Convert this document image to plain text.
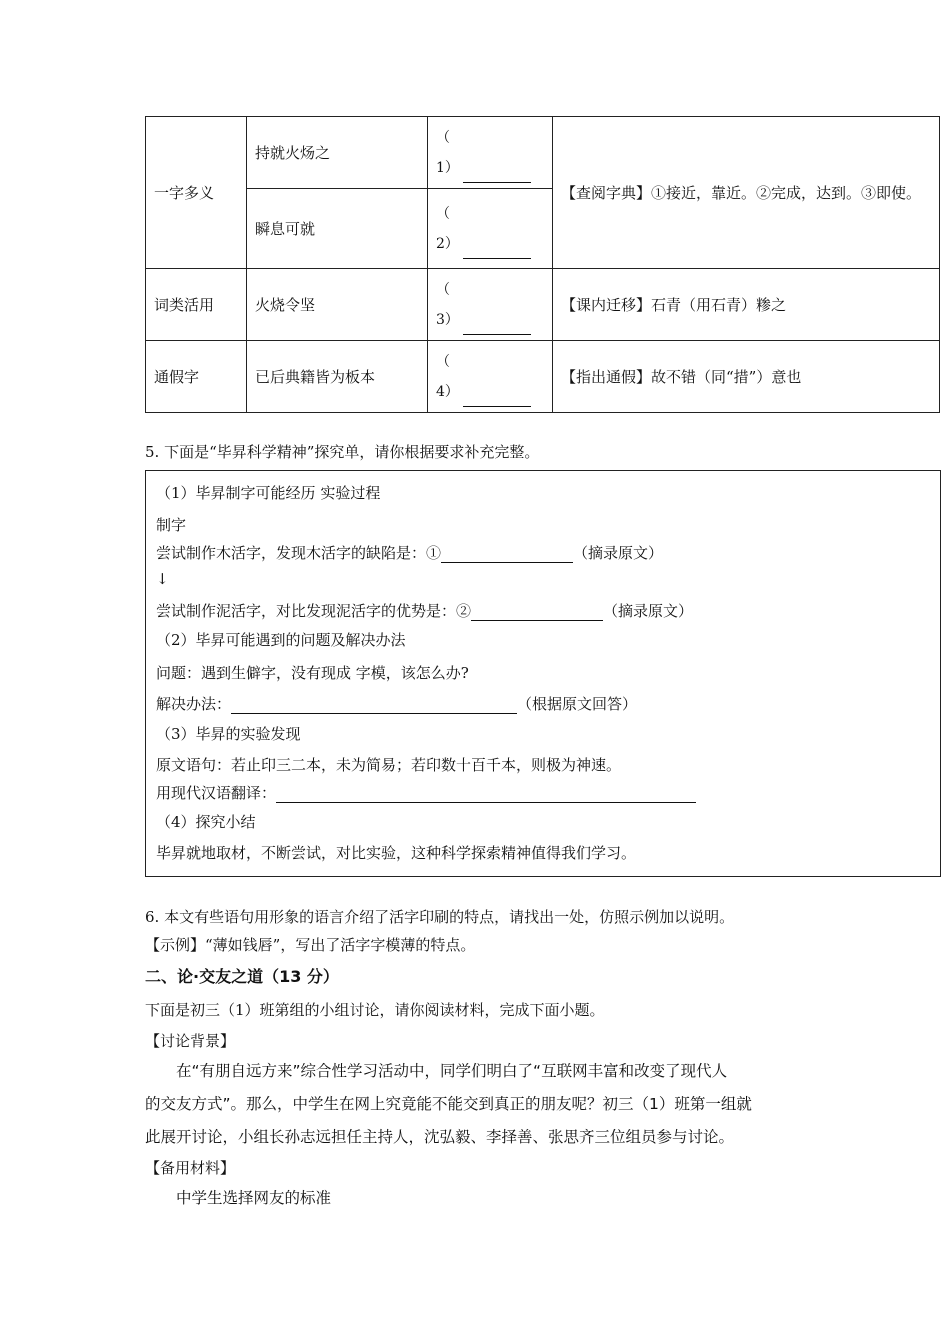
一字多义	持就火炀之	（
1）	【查阅字典】①接近，靠近。②完成，达到。③即使。
	瞬息可就	（
2）	

词类活用	火烧令坚	（
3）	【课内迁移】石青（用石青）糁之
通假字	已后典籍皆为板本	（
4）	【指出通假】故不错（同“措”）意也
5. 下面是“毕昇科学精神”探究单，请你根据要求补充完整。
（1）毕昇制字可能经历 实验过程
制字
尝试制作木活字，发现木活字的缺陷是：①	（摘录原文）
↓
尝试制作泥活字，对比发现泥活字的优势是：②	（摘录原文）
（2）毕昇可能遇到的问题及解决办法
问题：遇到生僻字，没有现成 字模，该怎么办?
解决办法：	（根据原文回答）
（3）毕昇的实验发现
原文语句：若止印三二本，未为简易；若印数十百千本，则极为神速。
用现代汉语翻译：
（4）探究小结
毕昇就地取材，不断尝试，对比实验，这种科学探索精神值得我们学习。
6. 本文有些语句用形象的语言介绍了活字印刷的特点，请找出一处，仿照示例加以说明。
【示例】“薄如钱唇”，写出了活字字模薄的特点。
二、论·交友之道（13 分）
下面是初三（1）班第组的小组讨论，请你阅读材料，完成下面小题。
【讨论背景】
在“有朋自远方来”综合性学习活动中，同学们明白了“互联网丰富和改变了现代人
的交友方式”。那么，中学生在网上究竟能不能交到真正的朋友呢？初三（1）班第一组就
此展开讨论，小组长孙志远担任主持人，沈弘毅、李择善、张思齐三位组员参与讨论。
【备用材料】
中学生选择网友的标准
